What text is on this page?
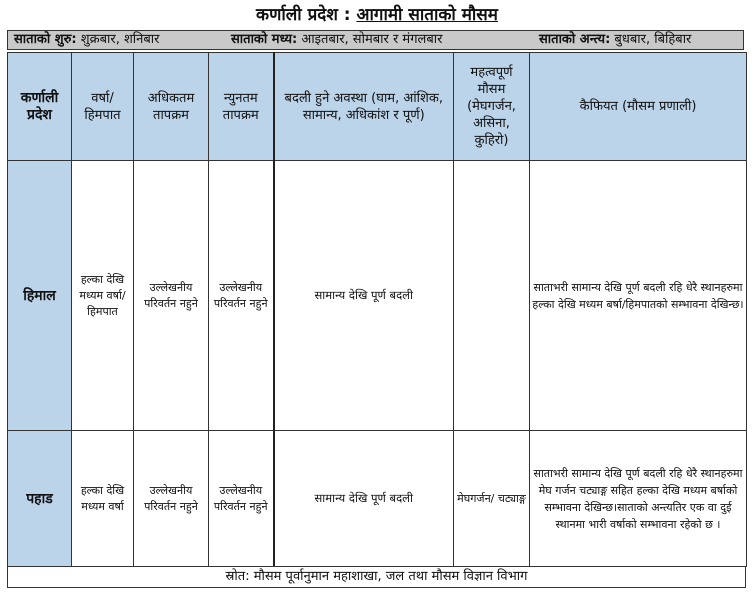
कर्णाली प्रदेश : आगामी साताको मौसम
साताको शुरु: शुक्रबार, शनिबार	साताको मध्य: आइतबार, सोमबार र मंगलबार	साताको अन्त्य: बुधबार, बिहिबार
कर्णाली प्रदेश	वर्षा/ हिमपात	अधिकतम तापक्रम	न्युनतम तापक्रम	बदली हुने अवस्था (घाम, आंशिक, सामान्य, अधिकांश र पूर्ण)	महत्वपूर्ण मौसम (मेघगर्जन, असिना, कुहिरो)	कैफियत (मौसम प्रणाली)
हिमाल	हल्का देखि मध्यम वर्षा/ हिमपात	उल्लेखनीय परिवर्तन नहुने	उल्लेखनीय परिवर्तन नहुने	सामान्य देखि पूर्ण बदली		साताभरी सामान्य देखि पूर्ण बदली रहि धेरै स्थानहरुमा हल्का देखि मध्यम बर्षा/हिमपातको सम्भावना देखिन्छ।
पहाड	हल्का देखि मध्यम वर्षा	उल्लेखनीय परिवर्तन नहुने	उल्लेखनीय परिवर्तन नहुने	सामान्य देखि पूर्ण बदली	मेघगर्जन/ चट्याङ्ग	साताभरी सामान्य देखि पूर्ण बदली रहि धेरै स्थानहरुमा मेघ गर्जन चट्याङ्ग सहित हल्का देखि मध्यम बर्षाको सम्भावना देखिन्छ।साताको अन्त्यतिर एक वा दुई स्थानमा भारी वर्षाको सम्भावना रहेको छ ।
स्रोत: मौसम पूर्वानुमान महाशाखा, जल तथा मौसम विज्ञान विभाग
